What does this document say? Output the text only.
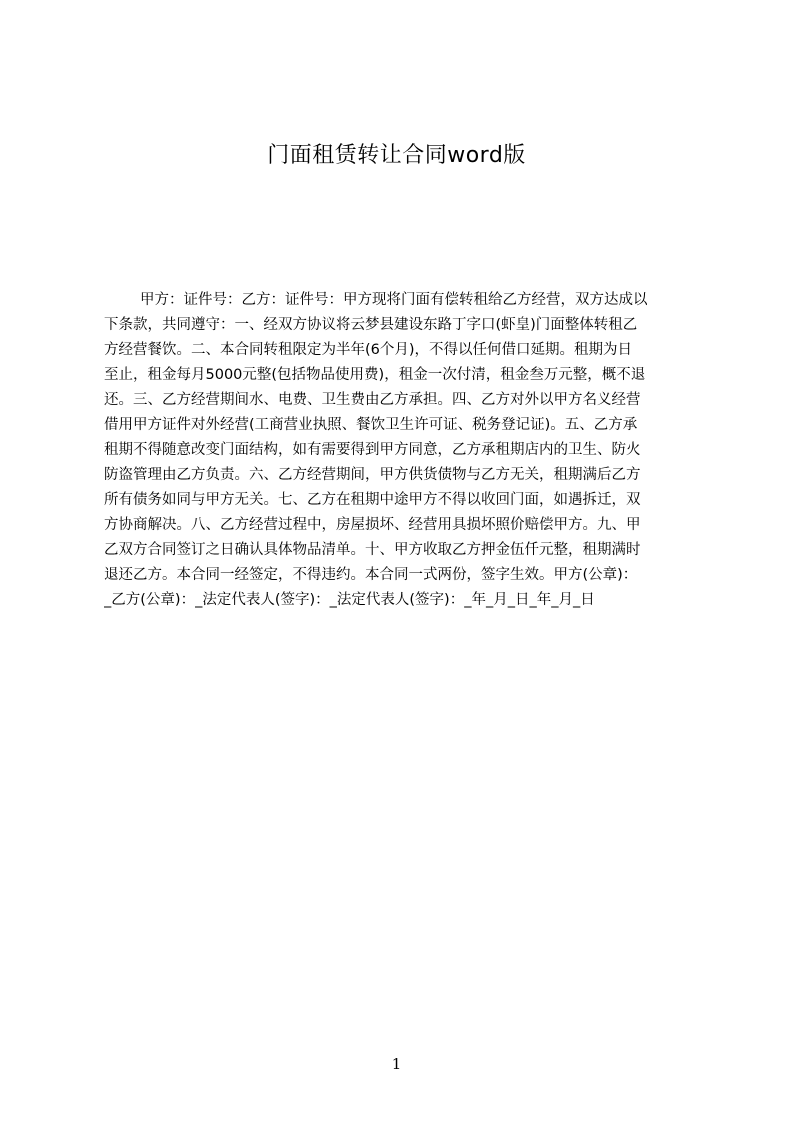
门面租赁转让合同word版
甲方：证件号：乙方：证件号：甲方现将门面有偿转租给乙方经营，双方达成以
下条款，共同遵守：一、经双方协议将云梦县建设东路丁字口(虾皇)门面整体转租乙
方经营餐饮。二、本合同转租限定为半年(6个月)，不得以任何借口延期。租期为日
至止，租金每月5000元整(包括物品使用费)，租金一次付清，租金叁万元整，概不退
还。三、乙方经营期间水、电费、卫生费由乙方承担。四、乙方对外以甲方名义经营
借用甲方证件对外经营(工商营业执照、餐饮卫生许可证、税务登记证)。五、乙方承
租期不得随意改变门面结构，如有需要得到甲方同意，乙方承租期店内的卫生、防火
防盗管理由乙方负责。六、乙方经营期间，甲方供货债物与乙方无关，租期满后乙方
所有债务如同与甲方无关。七、乙方在租期中途甲方不得以收回门面，如遇拆迁，双
方协商解决。八、乙方经营过程中，房屋损坏、经营用具损坏照价赔偿甲方。九、甲
乙双方合同签订之日确认具体物品清单。十、甲方收取乙方押金伍仟元整，租期满时
退还乙方。本合同一经签定，不得违约。本合同一式两份，签字生效。甲方(公章)：
_乙方(公章)：_法定代表人(签字)：_法定代表人(签字)：_年_月_日_年_月_日
1
